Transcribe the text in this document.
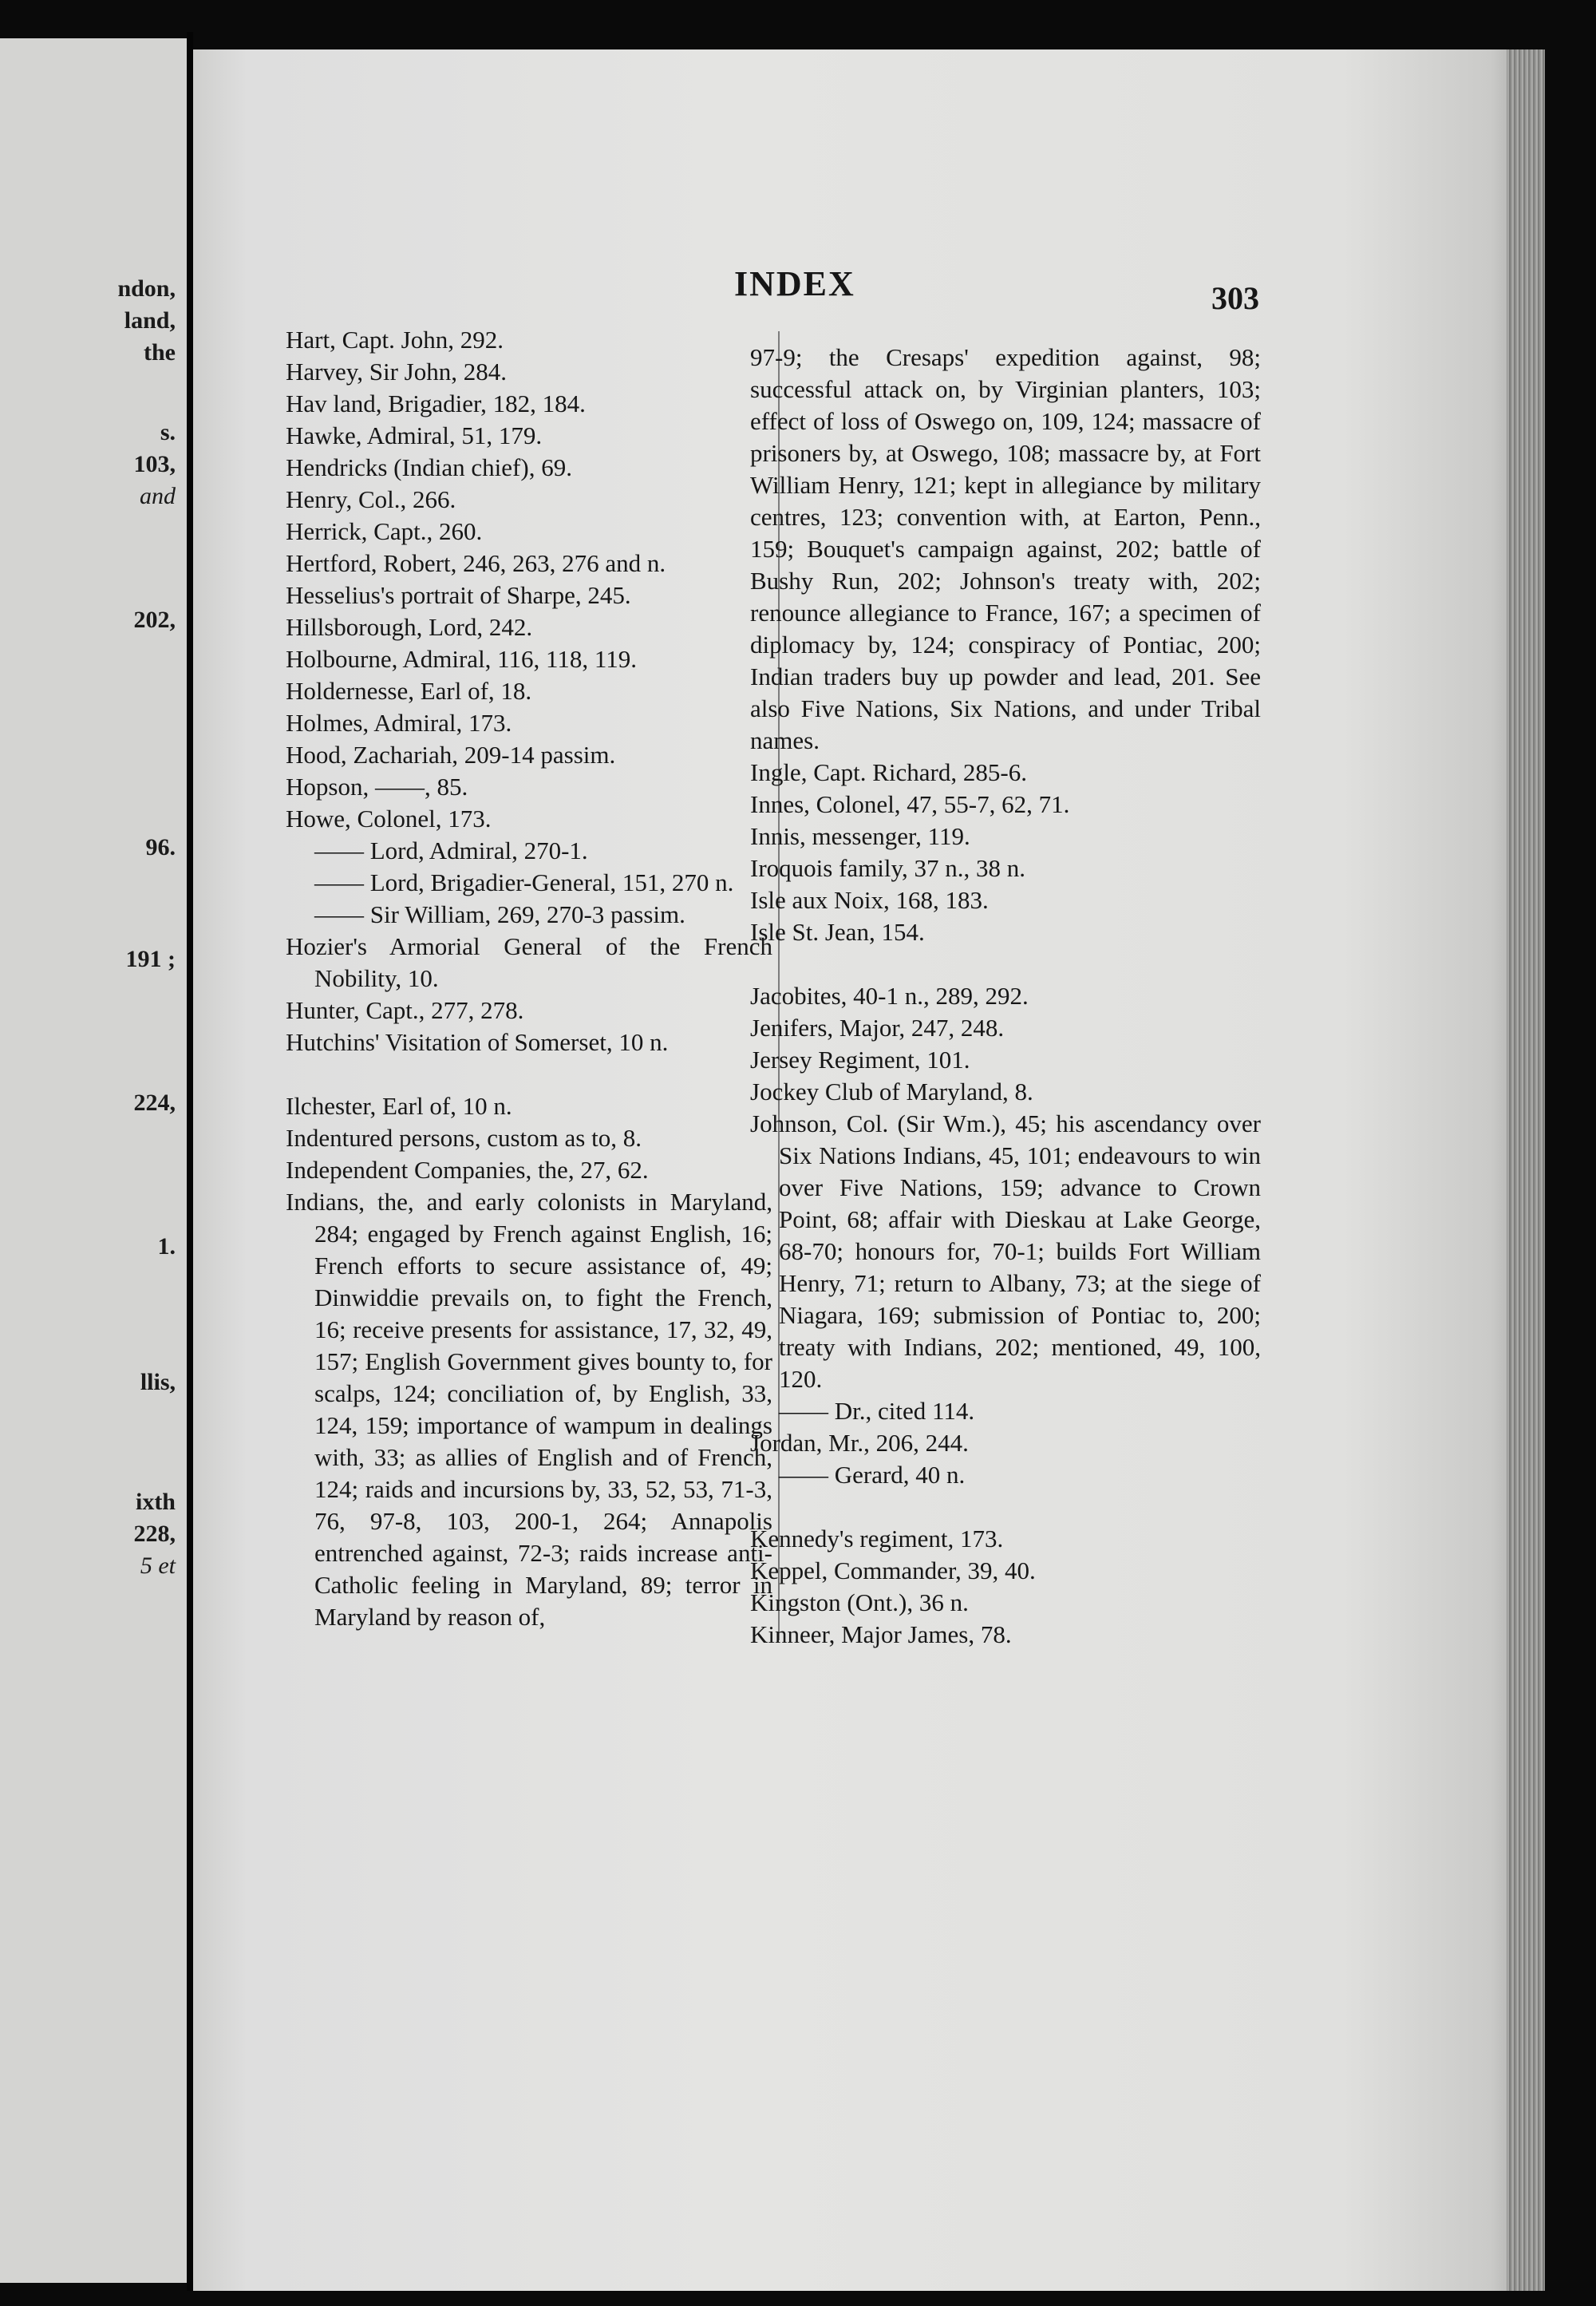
ndon,
land,
the
s.
103,
and
202,
96.
191 ;
224,
1.
llis,
ixth
228,
5 et
INDEX	303

Hart, Capt. John, 292.

Harvey, Sir John, 284.

Hav land, Brigadier, 182, 184.

Hawke, Admiral, 51, 179.

Hendricks (Indian chief), 69.

Henry, Col., 266.

Herrick, Capt., 260.

Hertford, Robert, 246, 263, 276 and n.

Hesselius's portrait of Sharpe, 245.

Hillsborough, Lord, 242.

Holbourne, Admiral, 116, 118, 119.

Holdernesse, Earl of, 18.

Holmes, Admiral, 173.

Hood, Zachariah, 209-14 passim.

Hopson, ——, 85.

Howe, Colonel, 173.

—— Lord, Admiral, 270-1.

—— Lord, Brigadier-General, 151, 270 n.

—— Sir William, 269, 270-3 passim.

Hozier's Armorial General of the French Nobility, 10.

Hunter, Capt., 277, 278.

Hutchins' Visitation of Somerset, 10 n.

Ilchester, Earl of, 10 n.

Indentured persons, custom as to, 8.

Independent Companies, the, 27, 62.

Indians, the, and early colonists in Maryland, 284; engaged by French against English, 16; French efforts to secure assistance of, 49; Dinwiddie prevails on, to fight the French, 16; receive presents for assistance, 17, 32, 49, 157; English Government gives bounty to, for scalps, 124; conciliation of, by English, 33, 124, 159; importance of wampum in dealings with, 33; as allies of English and of French, 124; raids and incursions by, 33, 52, 53, 71-3, 76, 97-8, 103, 200-1, 264; Annapolis entrenched against, 72-3; raids increase anti-Catholic feeling in Maryland, 89; terror in Maryland by reason of,

97-9; the Cresaps' expedition against, 98; successful attack on, by Virginian planters, 103; effect of loss of Oswego on, 109, 124; massacre of prisoners by, at Oswego, 108; massacre by, at Fort William Henry, 121; kept in allegiance by military centres, 123; convention with, at Earton, Penn., 159; Bouquet's campaign against, 202; battle of Bushy Run, 202; Johnson's treaty with, 202; renounce allegiance to France, 167; a specimen of diplomacy by, 124; conspiracy of Pontiac, 200; Indian traders buy up powder and lead, 201. See also Five Nations, Six Nations, and under Tribal names.

Ingle, Capt. Richard, 285-6.

Innes, Colonel, 47, 55-7, 62, 71.

Innis, messenger, 119.

Iroquois family, 37 n., 38 n.

Isle aux Noix, 168, 183.

Isle St. Jean, 154.

Jacobites, 40-1 n., 289, 292.

Jenifers, Major, 247, 248.

Jersey Regiment, 101.

Jockey Club of Maryland, 8.

Johnson, Col. (Sir Wm.), 45; his ascendancy over Six Nations Indians, 45, 101; endeavours to win over Five Nations, 159; advance to Crown Point, 68; affair with Dieskau at Lake George, 68-70; honours for, 70-1; builds Fort William Henry, 71; return to Albany, 73; at the siege of Niagara, 169; submission of Pontiac to, 200; treaty with Indians, 202; mentioned, 49, 100, 120.

—— Dr., cited 114.

Jordan, Mr., 206, 244.

—— Gerard, 40 n.

Kennedy's regiment, 173.

Keppel, Commander, 39, 40.

Kingston (Ont.), 36 n.

Kinneer, Major James, 78.
